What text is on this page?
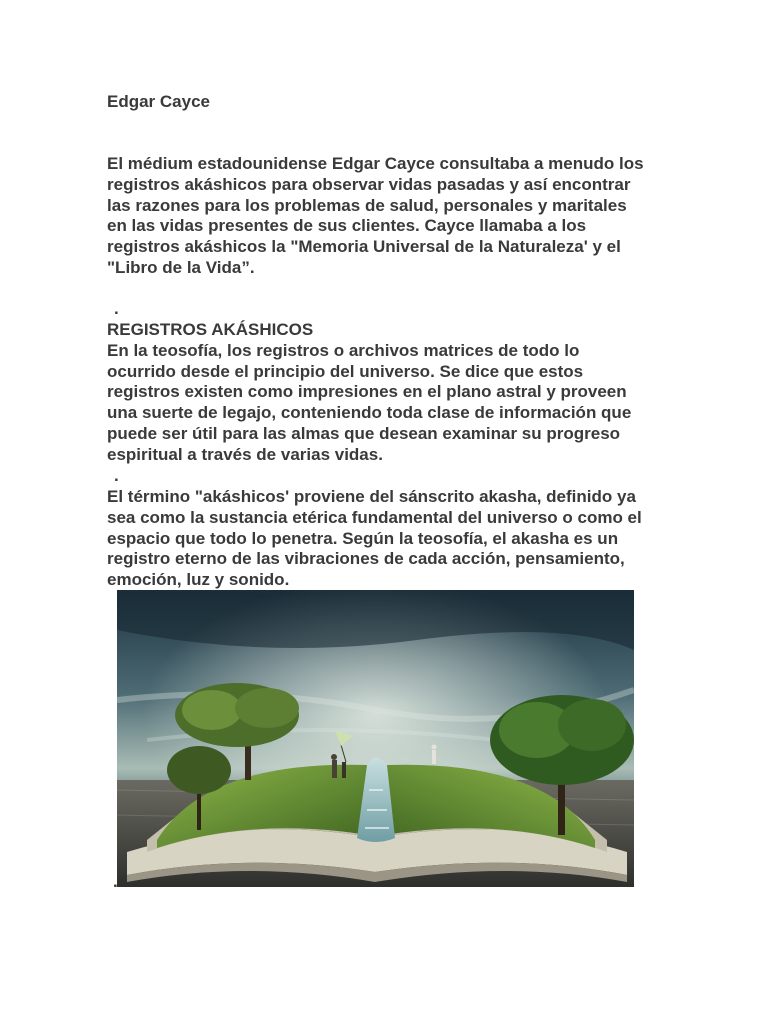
Edgar Cayce

El médium estadounidense Edgar Cayce consultaba a menudo los
registros akáshicos para observar vidas pasadas y así encontrar
las razones para los problemas de salud, personales y maritales
en las vidas presentes de sus clientes. Cayce llamaba a los
registros akáshicos la "Memoria Universal de la Naturaleza' y el
"Libro de la Vida”.

.

REGISTROS AKÁSHICOS
En la teosofía, los registros o archivos matrices de todo lo
ocurrido desde el principio del universo. Se dice que estos
registros existen como impresiones en el plano astral y proveen
una suerte de legajo, conteniendo toda clase de información que
puede ser útil para las almas que desean examinar su progreso
espiritual a través de varias vidas.

.

El término "akáshicos' proviene del sánscrito akasha, definido ya
sea como la sustancia etérica fundamental del universo o como el
espacio que todo lo penetra. Según la teosofía, el akasha es un
registro eterno de las vibraciones de cada acción, pensamiento,
emoción, luz y sonido.

.
